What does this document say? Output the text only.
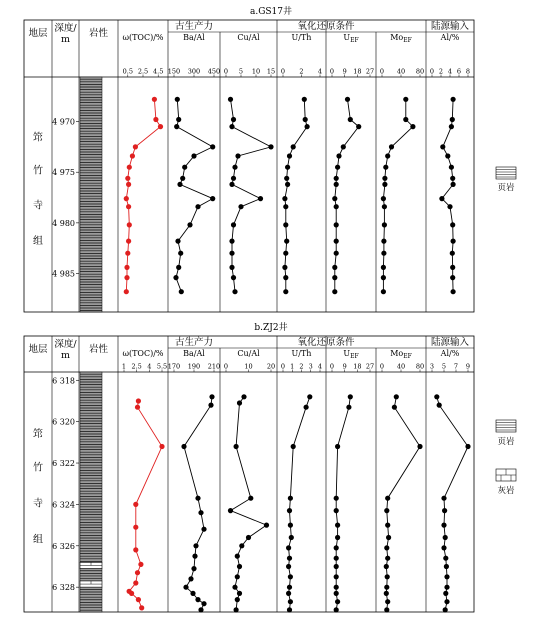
a.GS17井
地层 深度/
m
岩性
古生产力	氧化还原条件	陆源输入
筇
竹
寺
组
4 970
4 975
4 980
4 985
ω(TOC)/%
0.5 2.5 4.5
Ba/Al
150 300 450
Cu/Al
0 5 10 15
U/Th
0 2 4
$U_{EF}$
0 9 18 27
$Mo_{EF}$
0 40 80
Al/%
0 2 4 6 8
b.ZJ2井
地层 深度/
m
岩性
古生产力	氧化还原条件	陆源输入
筇
竹
寺
组
6 318
6 320
6 322
6 324
6 326
6 328
ω(TOC)/%
1 2.5 4 5.5
Ba/Al
170 190 210
Cu/Al
0	10 20
U/Th
0 1 2 3 4
$U_{EF}$
0 9 18 27
$Mo_{EF}$
0 40 80
Al/%
3 5 7 9
页岩
页岩
灰岩
